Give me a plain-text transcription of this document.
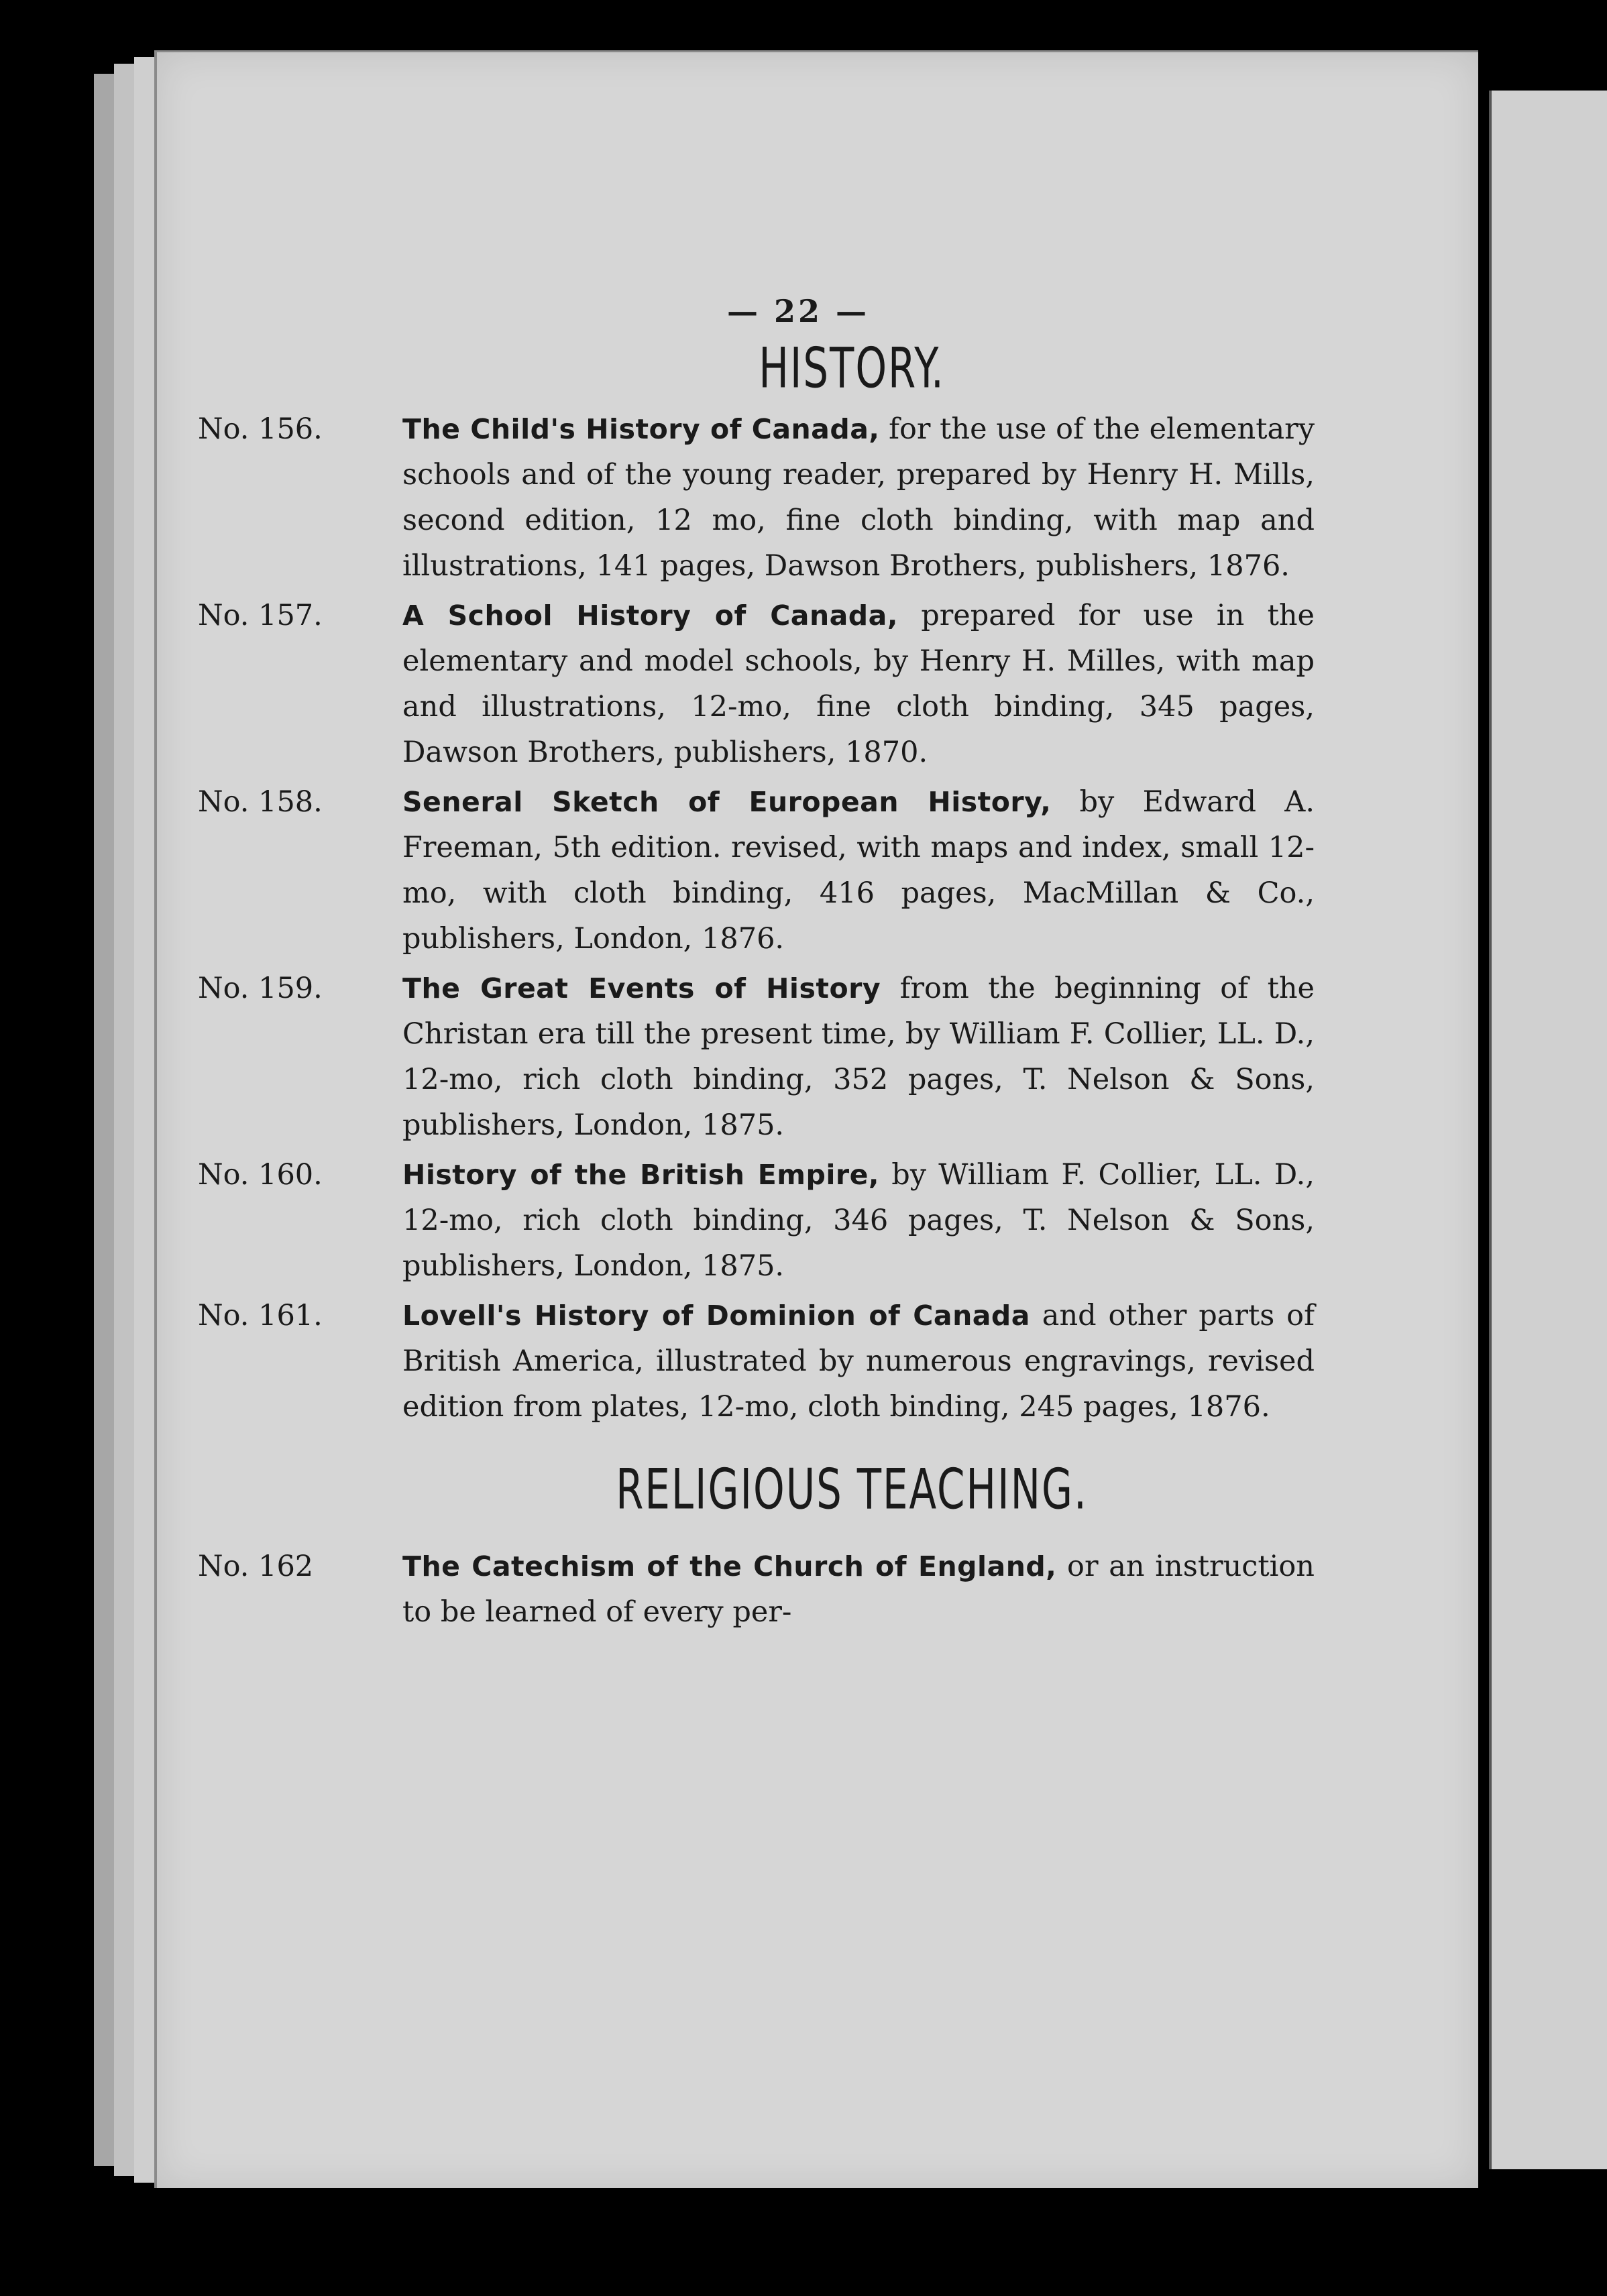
— 22 —
HISTORY.
No. 156.	The Child's History of Canada, for the use of the elementary schools and of the young reader, prepared by Henry H. Mills, second edition, 12 mo, fine cloth binding, with map and illustrations, 141 pages, Dawson Brothers, publishers, 1876.
No. 157.	A School History of Canada, prepared for use in the elementary and model schools, by Henry H. Milles, with map and illustrations, 12-mo, fine cloth binding, 345 pages, Dawson Brothers, publishers, 1870.
No. 158.	Seneral Sketch of European History, by Edward A. Freeman, 5th edition. revised, with maps and index, small 12-mo, with cloth binding, 416 pages, MacMillan & Co., publishers, London, 1876.
No. 159.	The Great Events of History from the beginning of the Christan era till the present time, by William F. Collier, LL. D., 12-mo, rich cloth binding, 352 pages, T. Nelson & Sons, publishers, London, 1875.
No. 160.	History of the British Empire, by William F. Collier, LL. D., 12-mo, rich cloth binding, 346 pages, T. Nelson & Sons, publishers, London, 1875.
No. 161.	Lovell's History of Dominion of Canada and other parts of British America, illustrated by numerous engravings, revised edition from plates, 12-mo, cloth binding, 245 pages, 1876.
RELIGIOUS TEACHING.
No. 162	The Catechism of the Church of England, or an instruction to be learned of every per-
